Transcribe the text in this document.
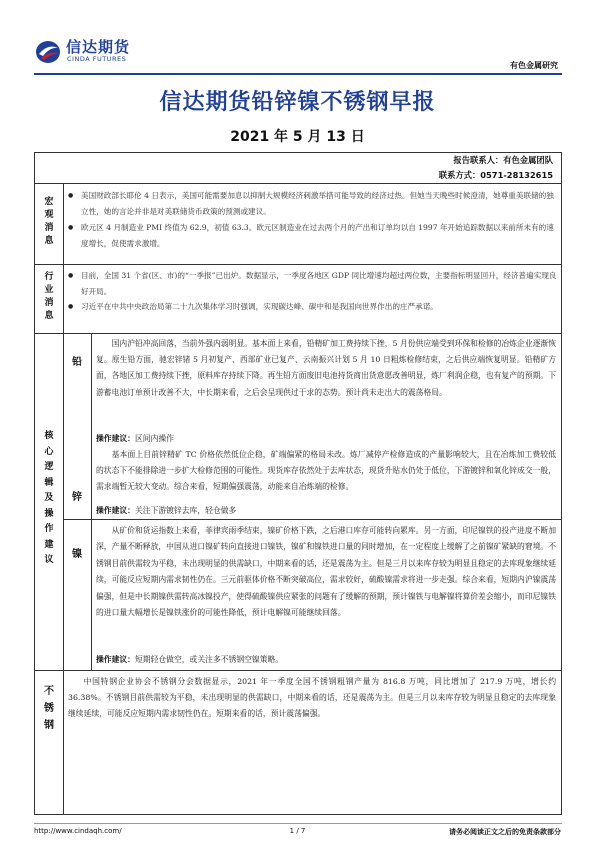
信达期货
CINDA FUTURES
有色金属研究
信达期货铅锌镍不锈钢早报
2021 年 5 月 13 日
报告联系人：有色金属团队
联系方式：0571-28132615
宏
观
消
息
● 美国财政部长耶伦 4 日表示，美国可能需要加息以抑制大规模经济刺激举措可能导致的经济过热。但她当天晚些时候澄清，她尊重美联储的独立性，她的言论并非是对美联储货币政策的预测或建议。
● 欧元区 4 月制造业 PMI 终值为 62.9，初值 63.3。欧元区制造业在过去两个月的产出和订单均以自 1997 年开始追踪数据以来前所未有的速度增长，促使需求激增。
行
业
消
息
● 目前，全国 31 个省(区、市)的“一季报”已出炉。数据显示，一季度各地区 GDP 同比增速均超过两位数，主要指标明显回升，经济普遍实现良好开局。
● 习近平在中共中央政治局第二十九次集体学习时强调，实现碳达峰、碳中和是我国向世界作出的庄严承诺。
核
心
逻
辑
及
操
作
建
议
铅
国内沪铅冲高回落，当前外强内弱明显。基本面上来看，铅精矿加工费持续下挫，5 月份供应端受到环保和检修的冶炼企业逐渐恢复。原生铅方面，驰宏锌锗 5 月初复产、西部矿业已复产、云南振兴计划 5 月 10 日粗炼检修结束，之后供应端恢复明显。铅精矿方面，各地区加工费持续下挫，原料库存持续下降。再生铅方面废旧电池持货商出货意愿改善明显，炼厂利润企稳，也有复产的预期。下游蓄电池订单预计改善不大，中长期来看，之后会呈现供过于求的态势。预计尚未走出大的震荡格局。
操作建议：区间内操作
锌
基本面上目前锌精矿 TC 价格依然低位企稳，矿端偏紧的格局未改。炼厂减停产检修造成的产量影响较大，且在冶炼加工费较低的状态下不能排除进一步扩大检修范围的可能性。现货库存依然处于去库状态，现货升贴水仍处于低位，下游镀锌和氧化锌成交一般，需求端暂无较大变动。综合来看，短期偏强震荡，动能来自冶炼端的检修。
操作建议：关注下游镀锌去库，轻仓做多
镍
从矿价和货运指数上来看，菲律宾雨季结束，镍矿价格下跌，之后港口库存可能转向累库。另一方面，印尼镍铁的投产进度不断加深，产量不断释放，中国从进口镍矿转向直接进口镍铁，镍矿和镍铁进口量的同时增加，在一定程度上缓解了之前镍矿紧缺的窘境。不锈钢目前供需较为平稳，未出现明显的供需缺口，中期来看的话，还是震荡为主。但是三月以来库存较为明显且稳定的去库现象继续延续，可能反应短期内需求韧性仍在。三元前驱体价格不断突破高位，需求较好，硫酸镍需求将进一步走强。综合来看，短期内沪镍震荡偏强，但是中长期镍供需转高冰镍投产，使得硫酸镍供应紧张的问题有了缓解的预期，预计镍铁与电解镍将算价差会缩小，而印尼镍铁的进口量大幅增长是镍铁涨价的可能性降低，预计电解镍可能继续回落。
操作建议：短期轻仓做空，或关注多不锈钢空镍策略。
不
锈
钢
中国特钢企业协会不锈钢分会数据显示，2021 年一季度全国不锈钢粗钢产量为 816.8 万吨，同比增加了 217.9 万吨，增长约 36.38%。不锈钢目前供需较为平稳，未出现明显的供需缺口，中期来看的话，还是震荡为主。但是三月以来库存较为明显且稳定的去库现象继续延续，可能反应短期内需求韧性仍在。短期来看的话，预计震荡偏强。
http://www.cindaqh.com/	1 / 7	请务必阅读正文之后的免责条款部分
